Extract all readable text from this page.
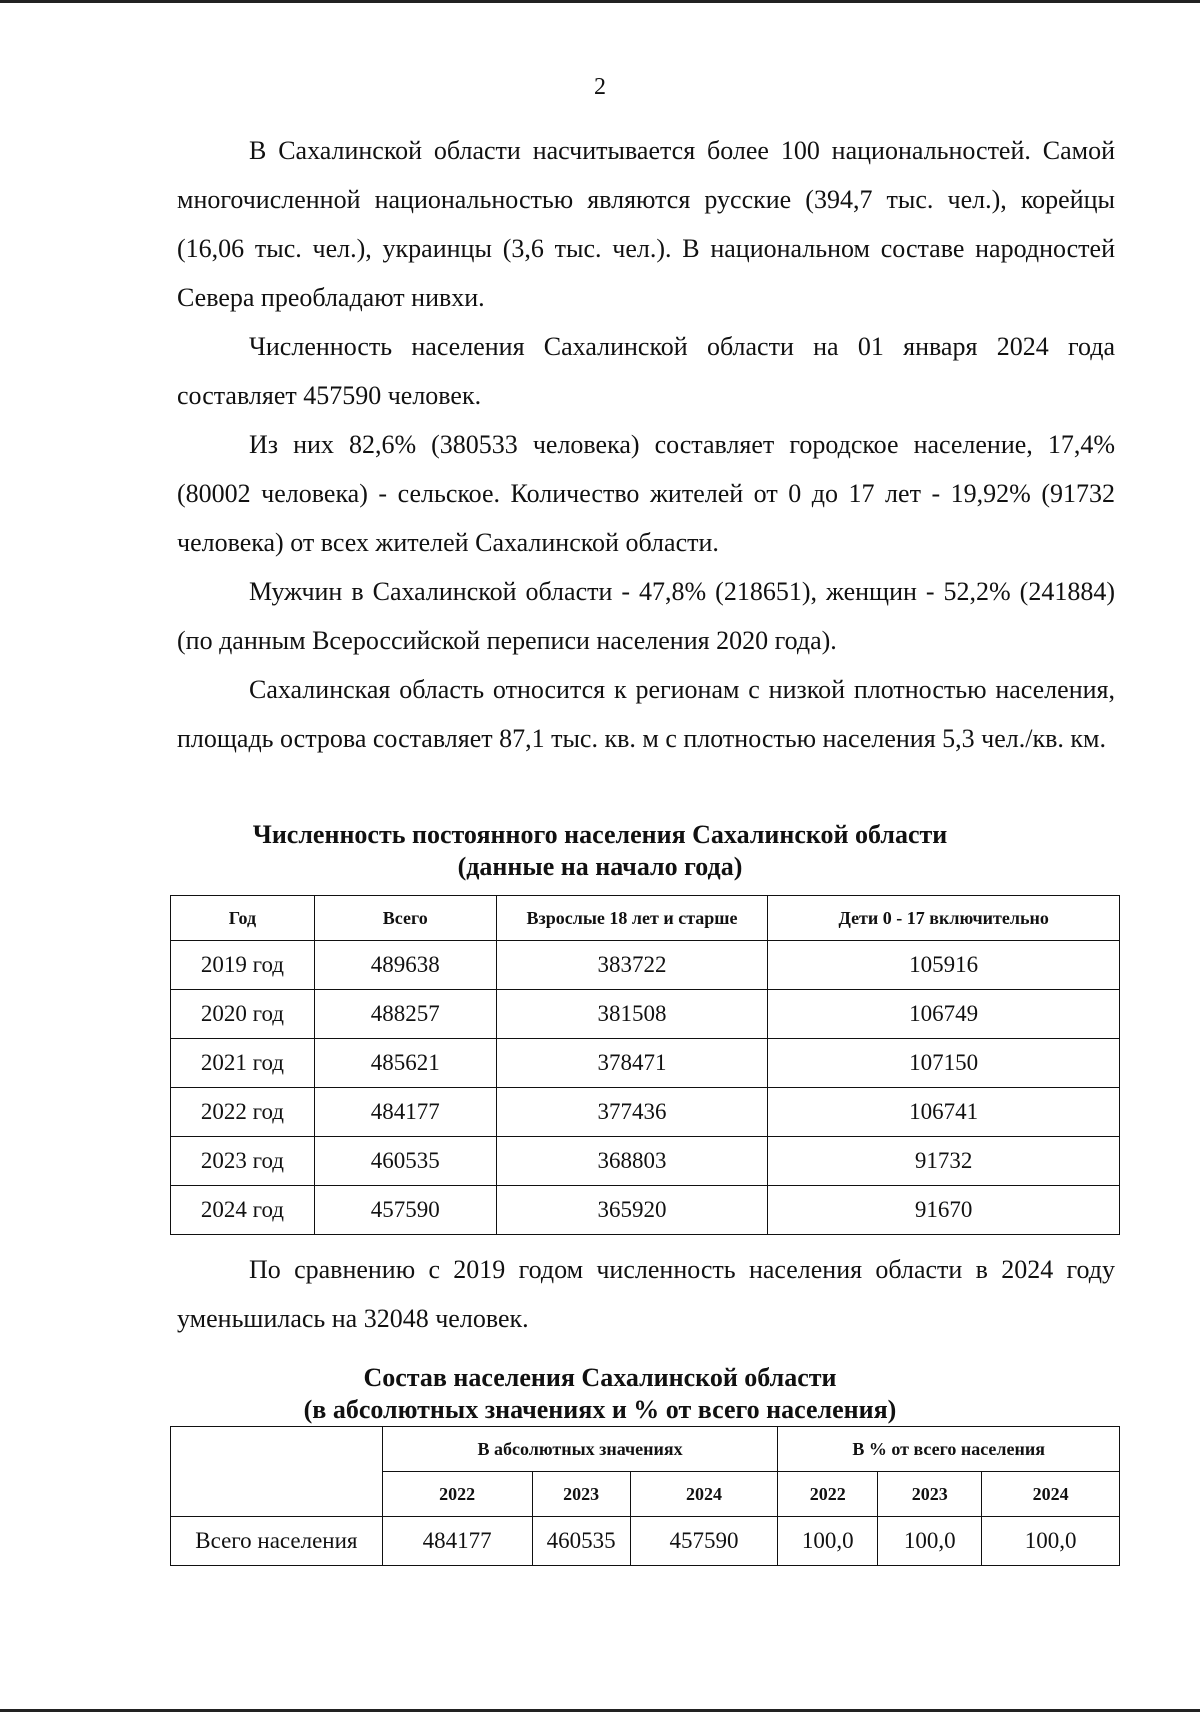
2

В Сахалинской области насчитывается более 100 национальностей. Самой многочисленной национальностью являются русские (394,7 тыс. чел.), корейцы (16,06 тыс. чел.), украинцы (3,6 тыс. чел.). В национальном составе народностей Севера преобладают нивхи.

Численность населения Сахалинской области на 01 января 2024 года составляет 457590 человек.

Из них 82,6% (380533 человека) составляет городское население, 17,4% (80002 человека) - сельское. Количество жителей от 0 до 17 лет - 19,92% (91732 человека) от всех жителей Сахалинской области.

Мужчин в Сахалинской области - 47,8% (218651), женщин - 52,2% (241884) (по данным Всероссийской переписи населения 2020 года).

Сахалинская область относится к регионам с низкой плотностью населения, площадь острова составляет 87,1 тыс. кв. м с плотностью населения 5,3 чел./кв. км.

Численность постоянного населения Сахалинской области
(данные на начало года)
Год	Всего	Взрослые 18 лет и старше	Дети 0 - 17 включительно
2019 год	489638	383722	105916
2020 год	488257	381508	106749
2021 год	485621	378471	107150
2022 год	484177	377436	106741
2023 год	460535	368803	91732
2024 год	457590	365920	91670

По сравнению с 2019 годом численность населения области в 2024 году уменьшилась на 32048 человек.

Состав населения Сахалинской области
(в абсолютных значениях и % от всего населения)
	В абсолютных значениях			В % от всего населения		
	2022	2023	2024	2022	2023	2024
Всего населения	484177	460535	457590	100,0	100,0	100,0
